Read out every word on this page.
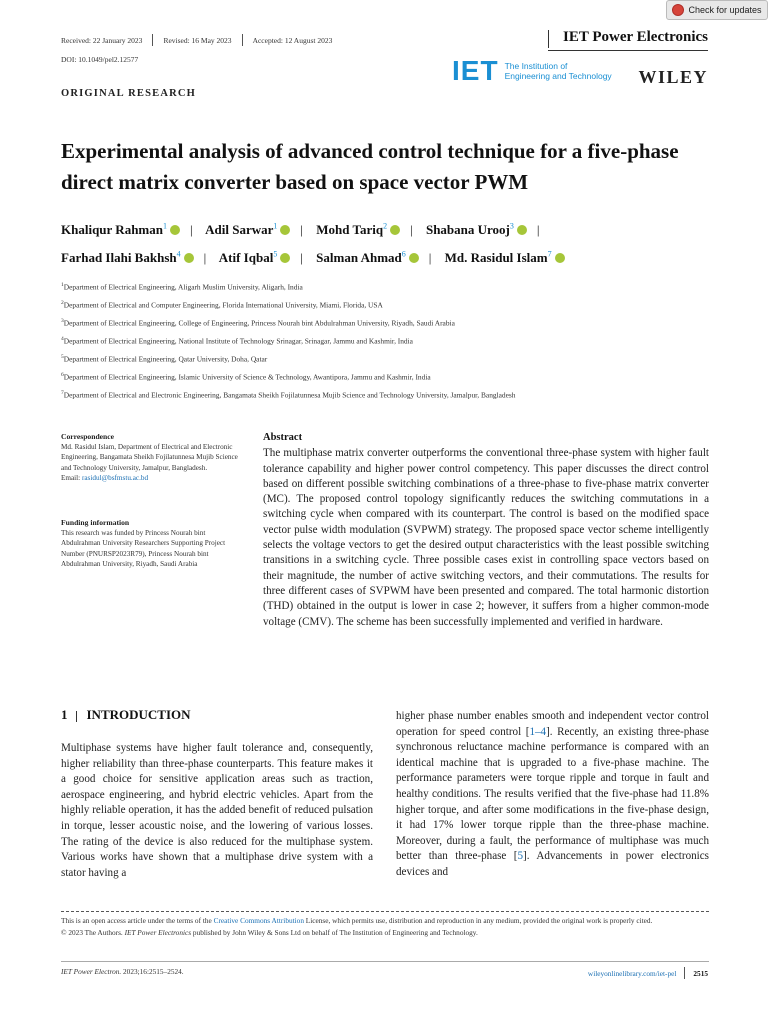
Check for updates
Received: 22 January 2023	Revised: 16 May 2023	Accepted: 12 August 2023	IET Power Electronics
DOI: 10.1049/pel2.12577
ORIGINAL RESEARCH
IET The Institution of
Engineering and Technology	WILEY
Experimental analysis of advanced control technique for a five-phase direct matrix converter based on space vector PWM
Khaliqur Rahman$^1$ | Adil Sarwar$^1$ | Mohd Tariq$^2$ | Shabana Urooj$^3$ |
Farhad Ilahi Bakhsh$^4$ | Atif Iqbal$^5$ | Salman Ahmad$^6$ | Md. Rasidul Islam$^7$
$^1$Department of Electrical Engineering, Aligarh Muslim University, Aligarh, India
$^2$Department of Electrical and Computer Engineering, Florida International University, Miami, Florida, USA
$^3$Department of Electrical Engineering, College of Engineering, Princess Nourah bint Abdulrahman University, Riyadh, Saudi Arabia
$^4$Department of Electrical Engineering, National Institute of Technology Srinagar, Srinagar, Jammu and Kashmir, India
$^5$Department of Electrical Engineering, Qatar University, Doha, Qatar
$^6$Department of Electrical Engineering, Islamic University of Science & Technology, Awantipora, Jammu and Kashmir, India
$^7$Department of Electrical and Electronic Engineering, Bangamata Sheikh Fojilatunnesa Mujib Science and Technology University, Jamalpur, Bangladesh
Correspondence

Md. Rasidul Islam, Department of Electrical and Electronic Engineering, Bangamata Sheikh Fojilatunnesa Mujib Science and Technology University, Jamalpur, Bangladesh.
Email: rasidul@bsfmstu.ac.bd

Funding information

This research was funded by Princess Nourah bint Abdulrahman University Researchers Supporting Project Number (PNURSP2023R79), Princess Nourah bint Abdulrahman University, Riyadh, Saudi Arabia

Abstract

The multiphase matrix converter outperforms the conventional three-phase system with higher fault tolerance capability and higher power control competency. This paper discusses the direct control based on different possible switching combinations of a three-phase to five-phase matrix converter (MC). The proposed control topology significantly reduces the switching commutations in a switching cycle when compared with its counterpart. The control is based on the modified space vector pulse width modulation (SVPWM) strategy. The proposed space vector scheme intelligently selects the voltage vectors to get the desired output characteristics with the least possible switching transitions in a switching cycle. Three possible cases exist in controlling space vectors based on their magnitude, the number of active switching vectors, and their commutations. The results for three different cases of SVPWM have been presented and compared. The total harmonic distortion (THD) obtained in the output is lower in case 2; however, it suffers from a higher common-mode voltage (CMV). The scheme has been successfully implemented and verified in hardware.

1 INTRODUCTION

Multiphase systems have higher fault tolerance and, consequently, higher reliability than three-phase counterparts. This feature makes it a good choice for sensitive application areas such as traction, aerospace engineering, and hybrid electric vehicles. Apart from the highly reliable operation, it has the added benefit of reduced pulsation in torque, lesser acoustic noise, and the lowering of various losses. The rating of the device is also reduced for the multiphase system. Various works have shown that a multiphase drive system with a stator having a

higher phase number enables smooth and independent vector control operation for speed control [1–4]. Recently, an existing three-phase synchronous reluctance machine performance is compared with an identical machine that is upgraded to a five-phase machine. The performance parameters were torque ripple and torque in fault and healthy conditions. The results verified that the five-phase had 11.8% higher torque, and after some modifications in the five-phase design, it had 17% lower torque ripple than the three-phase machine. Moreover, during a fault, the performance of multiphase was much better than three-phase [5]. Advancements in power electronics devices and

This is an open access article under the terms of the Creative Commons Attribution License, which permits use, distribution and reproduction in any medium, provided the original work is properly cited.

© 2023 The Authors. IET Power Electronics published by John Wiley & Sons Ltd on behalf of The Institution of Engineering and Technology.

IET Power Electron. 2023;16:2515–2524.	wileyonlinelibrary.com/iet-pel 2515
